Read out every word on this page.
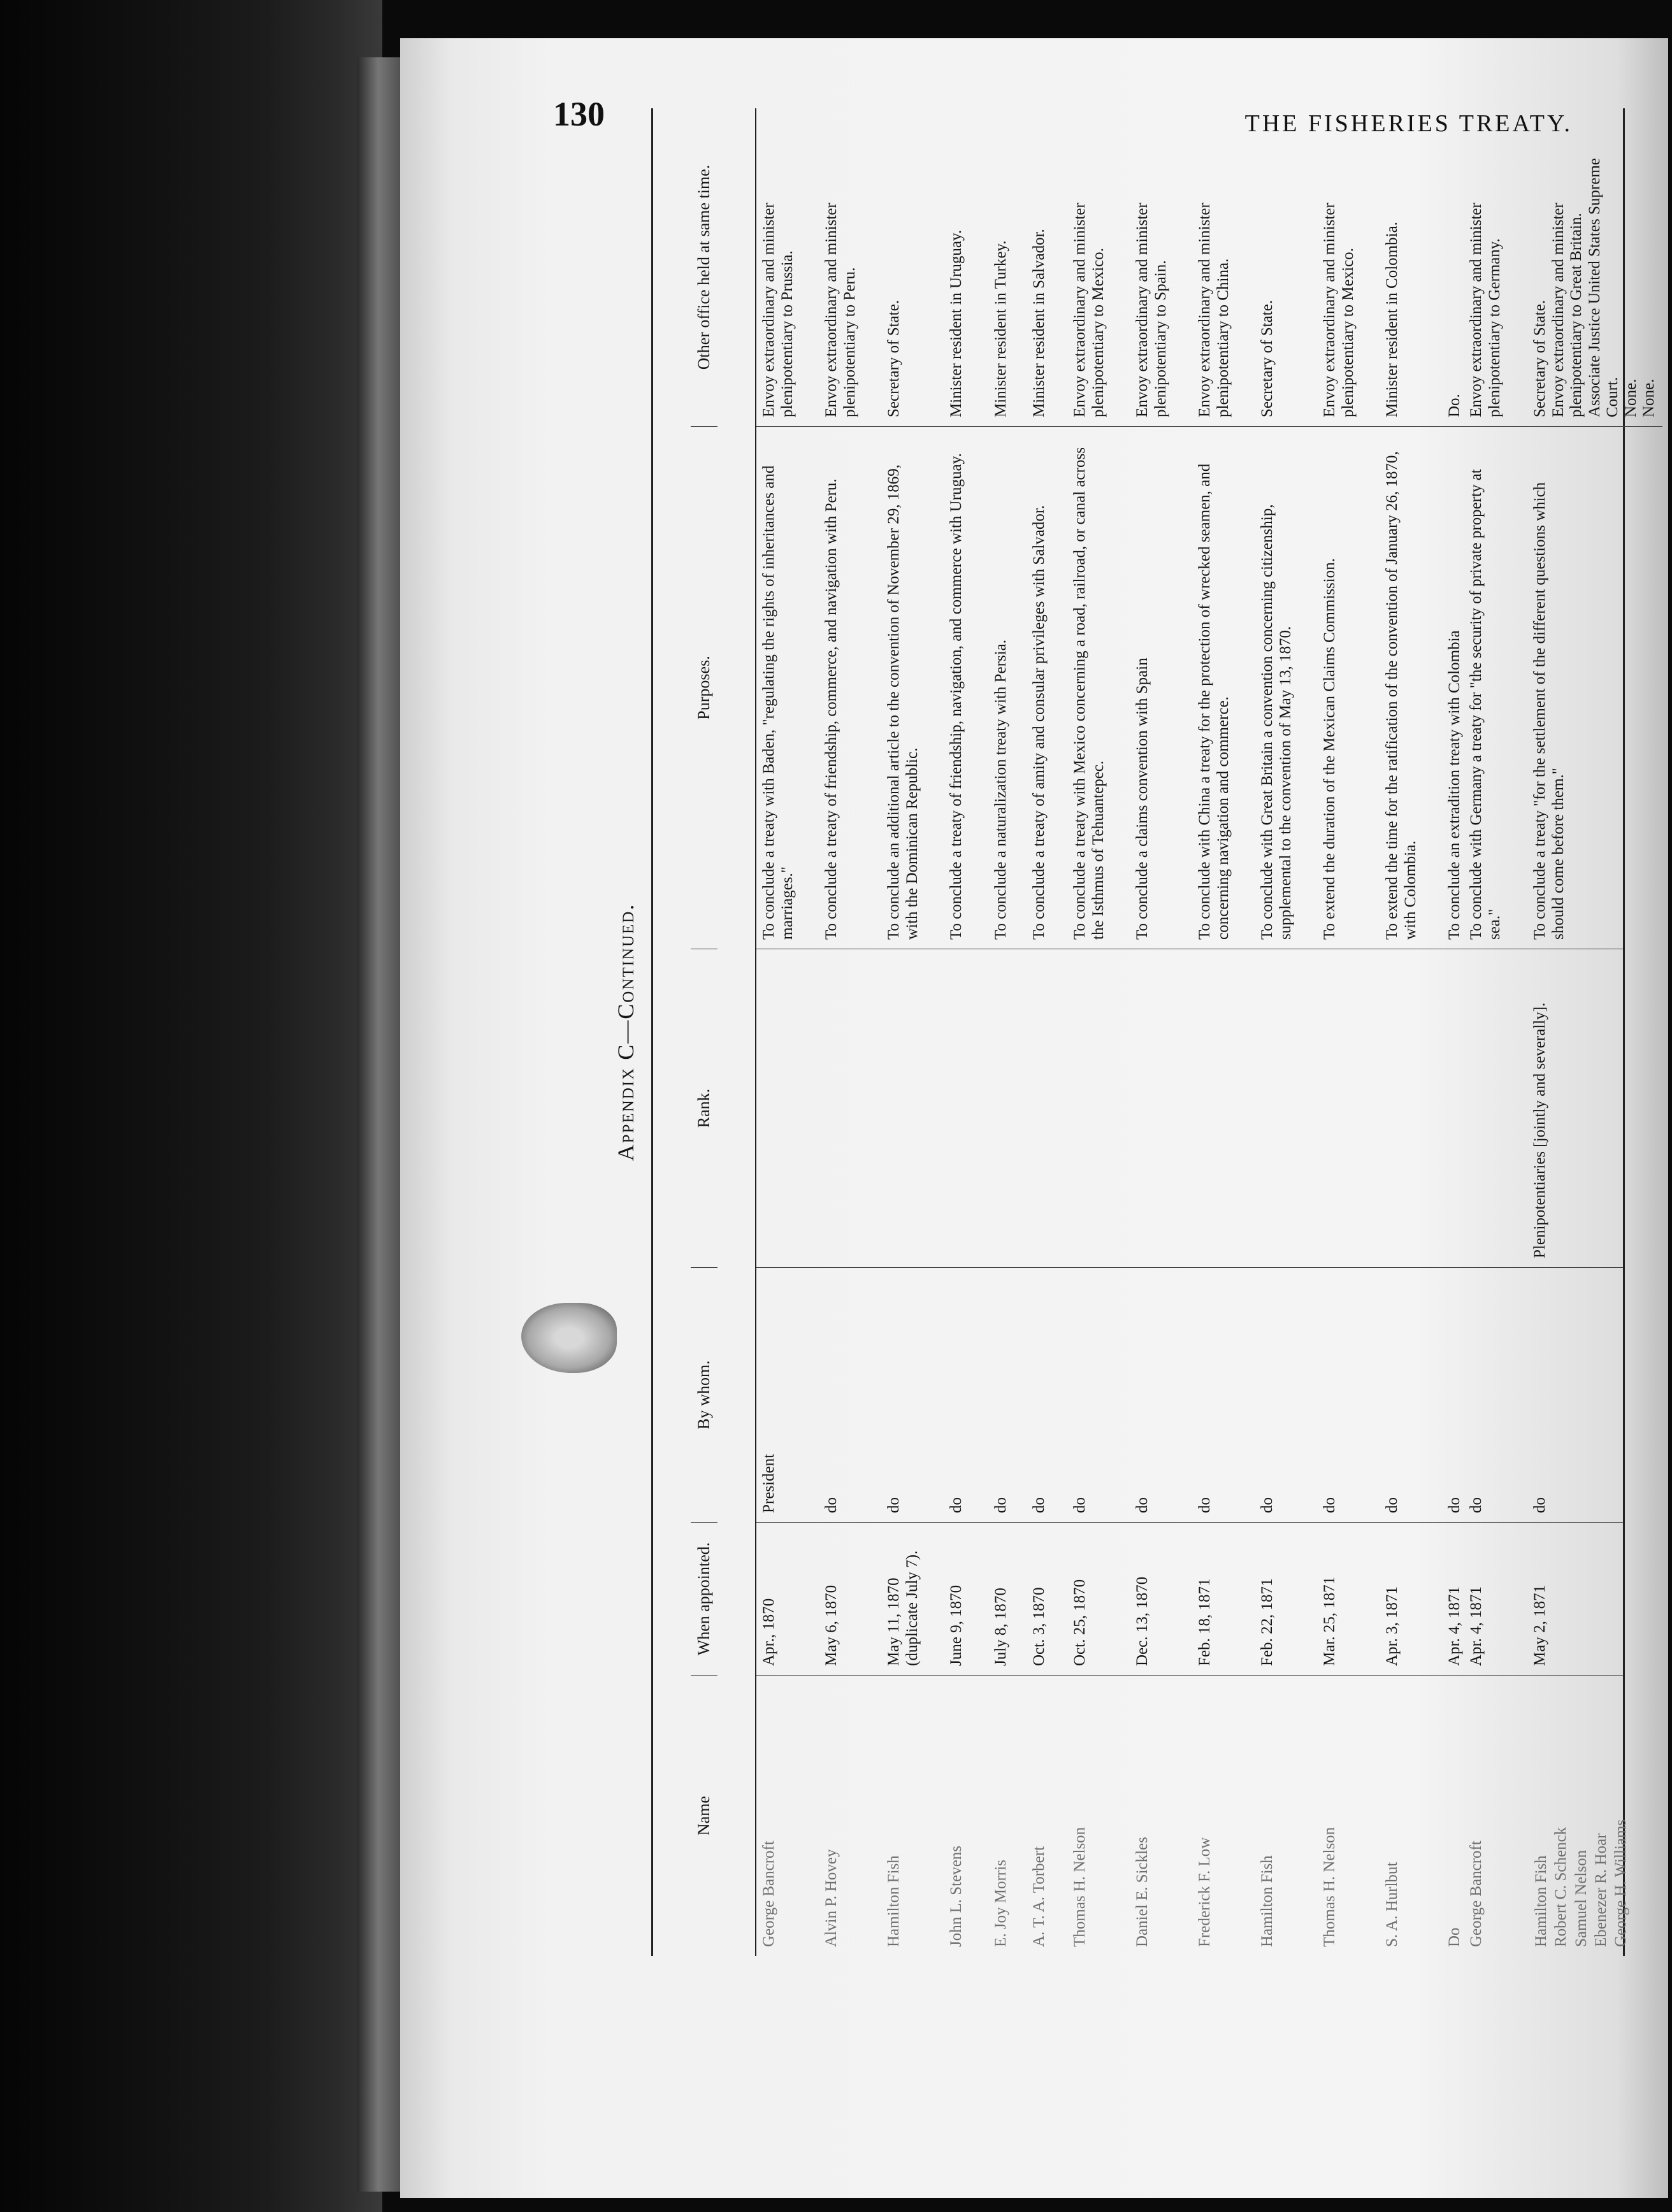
130	THE FISHERIES TREATY.
Appendix C—Continued.
Name
When appointed.
By whom.
Rank.
Purposes.
Other office held at same time.
George Bancroft
Apr., 1870
President
To conclude a treaty with Baden, "regulating the rights of inheritances and marriages."
Envoy extraordinary and minister plenipotentiary to Prussia.
Alvin P. Hovey
May 6, 1870
do
To conclude a treaty of friendship, commerce, and navigation with Peru.
Envoy extraordinary and minister plenipotentiary to Peru.
Hamilton Fish
May 11, 1870 (duplicate July 7).
do
To conclude an additional article to the convention of November 29, 1869, with the Dominican Republic.
Secretary of State.
John L. Stevens
June 9, 1870
do
To conclude a treaty of friendship, navigation, and commerce with Uruguay.
Minister resident in Uruguay.
E. Joy Morris
July 8, 1870
do
To conclude a naturalization treaty with Persia.
Minister resident in Turkey.
A. T. A. Torbert
Oct. 3, 1870
do
To conclude a treaty of amity and consular privileges with Salvador.
Minister resident in Salvador.
Thomas H. Nelson
Oct. 25, 1870
do
To conclude a treaty with Mexico concerning a road, railroad, or canal across the Isthmus of Tehuantepec.
Envoy extraordinary and minister plenipotentiary to Mexico.
Daniel E. Sickles
Dec. 13, 1870
do
To conclude a claims convention with Spain
Envoy extraordinary and minister plenipotentiary to Spain.
Frederick F. Low
Feb. 18, 1871
do
To conclude with China a treaty for the protection of wrecked seamen, and concerning navigation and commerce.
Envoy extraordinary and minister plenipotentiary to China.
Hamilton Fish
Feb. 22, 1871
do
To conclude with Great Britain a convention concerning citizenship, supplemental to the convention of May 13, 1870.
Secretary of State.
Thomas H. Nelson
Mar. 25, 1871
do
To extend the duration of the Mexican Claims Commission.
Envoy extraordinary and minister plenipotentiary to Mexico.
S. A. Hurlbut
Apr. 3, 1871
do
To extend the time for the ratification of the convention of January 26, 1870, with Colombia.
Minister resident in Colombia.
Do
Apr. 4, 1871
do
To conclude an extradition treaty with Colombia
Do.
George Bancroft
Apr. 4, 1871
do
To conclude with Germany a treaty for "the security of private property at sea."
Envoy extraordinary and minister plenipotentiary to Germany.
Hamilton Fish Robert C. Schenck Samuel Nelson Ebenezer R. Hoar George H. Williams
May 2, 1871
do
Plenipotentiaries [jointly and severally].
To conclude a treaty "for the settlement of the different questions which should come before them."
Secretary of State. Envoy extraordinary and minister plenipotentiary to Great Britain. Associate Justice United States Supreme Court. None. None.
